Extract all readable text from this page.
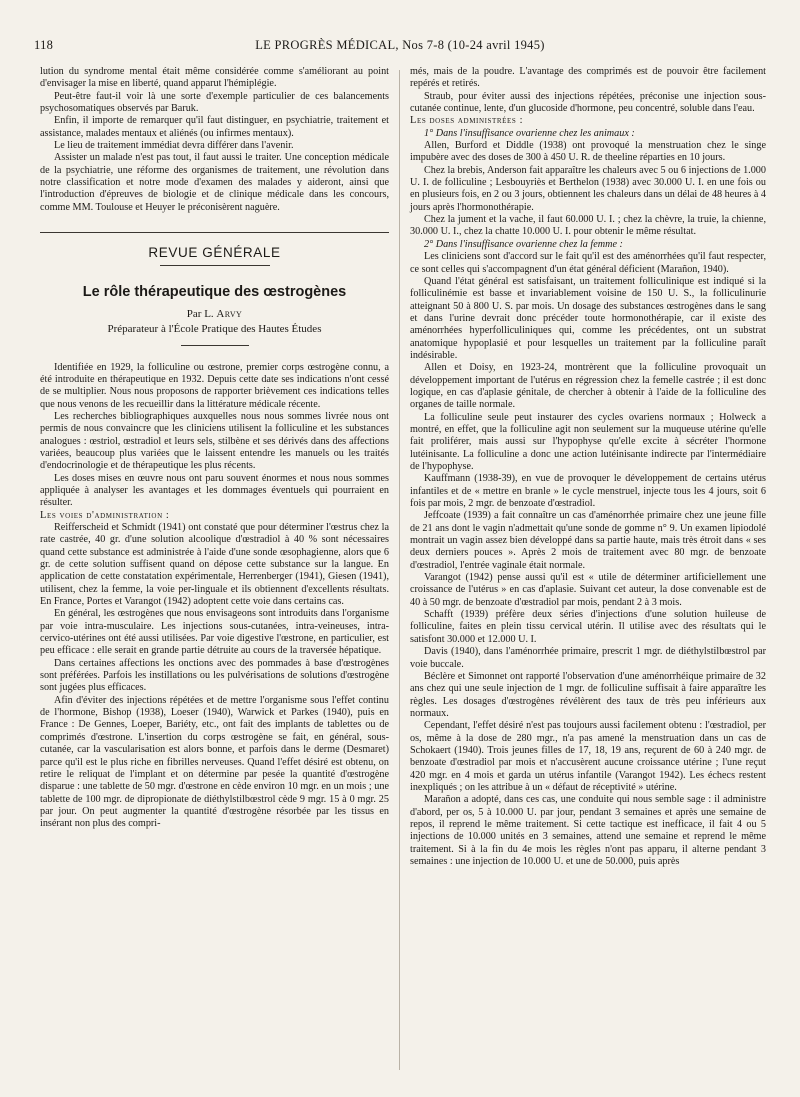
118	LE PROGRÈS MÉDICAL, Nos 7-8 (10-24 avril 1945)

lution du syndrome mental était même considérée comme s'améliorant au point d'envisager la mise en liberté, quand apparut l'hémiplégie.

Peut-être faut-il voir là une sorte d'exemple particulier de ces balancements psychosomatiques observés par Baruk.

Enfin, il importe de remarquer qu'il faut distinguer, en psychiatrie, traitement et assistance, malades mentaux et aliénés (ou infirmes mentaux).

Le lieu de traitement immédiat devra différer dans l'avenir.

Assister un malade n'est pas tout, il faut aussi le traiter. Une conception médicale de la psychiatrie, une réforme des organismes de traitement, une révolution dans notre classification et notre mode d'examen des malades y aideront, ainsi que l'introduction d'épreuves de biologie et de clinique médicale dans les concours, comme MM. Toulouse et Heuyer le préconisèrent naguère.

REVUE GÉNÉRALE
Le rôle thérapeutique des œstrogènes
Par L. Arvy
Préparateur à l'École Pratique des Hautes Études

Identifiée en 1929, la folliculine ou œstrone, premier corps œstrogène connu, a été introduite en thérapeutique en 1932. Depuis cette date ses indications n'ont cessé de se multiplier. Nous nous proposons de rapporter brièvement ces indications telles que nous venons de les recueillir dans la littérature médicale récente.

Les recherches bibliographiques auxquelles nous nous sommes livrée nous ont permis de nous convaincre que les cliniciens utilisent la folliculine et les substances analogues : œstriol, œstradiol et leurs sels, stilbène et ses dérivés dans des affections variées, beaucoup plus variées que le laissent entendre les manuels ou les traités d'endocrinologie et de thérapeutique les plus récents.

Les doses mises en œuvre nous ont paru souvent énormes et nous nous sommes appliquée à analyser les avantages et les dommages éventuels qui pourraient en résulter.

Les voies d'administration :

Reifferscheid et Schmidt (1941) ont constaté que pour déterminer l'œstrus chez la rate castrée, 40 gr. d'une solution alcoolique d'œstradiol à 40 % sont nécessaires quand cette substance est administrée à l'aide d'une sonde œsophagienne, alors que 6 gr. de cette solution suffisent quand on dépose cette substance sur la langue. En application de cette constatation expérimentale, Herrenberger (1941), Giesen (1941), utilisent, chez la femme, la voie per-linguale et ils obtiennent d'excellents résultats. En France, Portes et Varangot (1942) adoptent cette voie dans certains cas.

En général, les œstrogènes que nous envisageons sont introduits dans l'organisme par voie intra-musculaire. Les injections sous-cutanées, intra-veineuses, intra-cervico-utérines ont été aussi utilisées. Par voie digestive l'œstrone, en particulier, est peu efficace : elle serait en grande partie détruite au cours de la traversée hépatique.

Dans certaines affections les onctions avec des pommades à base d'œstrogènes sont préférées. Parfois les instillations ou les pulvérisations de solutions d'œstrogène sont jugées plus efficaces.

Afin d'éviter des injections répétées et de mettre l'organisme sous l'effet continu de l'hormone, Bishop (1938), Loeser (1940), Warwick et Parkes (1940), puis en France : De Gennes, Loeper, Bariéty, etc., ont fait des implants de tablettes ou de comprimés d'œstrone. L'insertion du corps œstrogène se fait, en général, sous-cutanée, car la vascularisation est alors bonne, et parfois dans le derme (Desmaret) parce qu'il est le plus riche en fibrilles nerveuses. Quand l'effet désiré est obtenu, on retire le reliquat de l'implant et on détermine par pesée la quantité d'œstrogène disparue : une tablette de 50 mgr. d'œstrone en cède environ 10 mgr. en un mois ; une tablette de 100 mgr. de dipropionate de diéthylstilbœstrol cède 9 mgr. 15 à 0 mgr. 25 par jour. On peut augmenter la quantité d'œstrogène résorbée par les tissus en insérant non plus des compri-

més, mais de la poudre. L'avantage des comprimés est de pouvoir être facilement repérés et retirés.

Straub, pour éviter aussi des injections répétées, préconise une injection sous-cutanée continue, lente, d'un glucoside d'hormone, peu concentré, soluble dans l'eau.

Les doses administrées :

1° Dans l'insuffisance ovarienne chez les animaux :

Allen, Burford et Diddle (1938) ont provoqué la menstruation chez le singe impubère avec des doses de 300 à 450 U. R. de theeline réparties en 10 jours.

Chez la brebis, Anderson fait apparaître les chaleurs avec 5 ou 6 injections de 1.000 U. I. de folliculine ; Lesbouyriès et Berthelon (1938) avec 30.000 U. I. en une fois ou en plusieurs fois, en 2 ou 3 jours, obtiennent les chaleurs dans un délai de 48 heures à 4 jours après l'hormonothérapie.

Chez la jument et la vache, il faut 60.000 U. I. ; chez la chèvre, la truie, la chienne, 30.000 U. I., chez la chatte 10.000 U. I. pour obtenir le même résultat.

2° Dans l'insuffisance ovarienne chez la femme :

Les cliniciens sont d'accord sur le fait qu'il est des aménorrhées qu'il faut respecter, ce sont celles qui s'accompagnent d'un état général déficient (Marañon, 1940).

Quand l'état général est satisfaisant, un traitement folliculinique est indiqué si la folliculinémie est basse et invariablement voisine de 150 U. S., la folliculinurie atteignant 50 à 800 U. S. par mois. Un dosage des substances œstrogènes dans le sang et dans l'urine devrait donc précéder toute hormonothérapie, car il existe des aménorrhées hyperfolliculiniques qui, comme les précédentes, ont un substrat anatomique hypoplasié et pour lesquelles un traitement par la folliculine paraît indésirable.

Allen et Doisy, en 1923-24, montrèrent que la folliculine provoquait un développement important de l'utérus en régression chez la femelle castrée ; il est donc logique, en cas d'aplasie génitale, de chercher à obtenir à l'aide de la folliculine des organes de taille normale.

La folliculine seule peut instaurer des cycles ovariens normaux ; Holweck a montré, en effet, que la folliculine agit non seulement sur la muqueuse utérine qu'elle fait proliférer, mais aussi sur l'hypophyse qu'elle excite à sécréter l'hormone lutéinisante. La folliculine a donc une action lutéinisante indirecte par l'intermédiaire de l'hypophyse.

Kauffmann (1938-39), en vue de provoquer le développement de certains utérus infantiles et de « mettre en branle » le cycle menstruel, injecte tous les 4 jours, soit 6 fois par mois, 2 mgr. de benzoate d'œstradiol.

Jeffcoate (1939) a fait connaître un cas d'aménorrhée primaire chez une jeune fille de 21 ans dont le vagin n'admettait qu'une sonde de gomme n° 9. Un examen lipiodolé montrait un vagin assez bien développé dans sa partie haute, mais très étroit dans « ses deux derniers pouces ». Après 2 mois de traitement avec 80 mgr. de benzoate d'œstradiol, l'entrée vaginale était normale.

Varangot (1942) pense aussi qu'il est « utile de déterminer artificiellement une croissance de l'utérus » en cas d'aplasie. Suivant cet auteur, la dose convenable est de 40 à 50 mgr. de benzoate d'œstradiol par mois, pendant 2 à 3 mois.

Schafft (1939) préfère deux séries d'injections d'une solution huileuse de folliculine, faites en plein tissu cervical utérin. Il utilise avec des résultats qui le satisfont 30.000 et 12.000 U. I.

Davis (1940), dans l'aménorrhée primaire, prescrit 1 mgr. de diéthylstilbœstrol par voie buccale.

Béclère et Simonnet ont rapporté l'observation d'une aménorrhéique primaire de 32 ans chez qui une seule injection de 1 mgr. de folliculine suffisait à faire apparaître les règles. Les dosages d'œstrogènes révélèrent des taux de très peu inférieurs aux normaux.

Cependant, l'effet désiré n'est pas toujours aussi facilement obtenu : l'œstradiol, per os, même à la dose de 280 mgr., n'a pas amené la menstruation dans un cas de Schokaert (1940). Trois jeunes filles de 17, 18, 19 ans, reçurent de 60 à 240 mgr. de benzoate d'œstradiol par mois et n'accusèrent aucune croissance utérine ; l'une reçut 420 mgr. en 4 mois et garda un utérus infantile (Varangot 1942). Les échecs restent inexpliqués ; on les attribue à un « défaut de réceptivité » utérine.

Marañon a adopté, dans ces cas, une conduite qui nous semble sage : il administre d'abord, per os, 5 à 10.000 U. par jour, pendant 3 semaines et après une semaine de repos, il reprend le même traitement. Si cette tactique est inefficace, il fait 4 ou 5 injections de 10.000 unités en 3 semaines, attend une semaine et reprend le même traitement. Si à la fin du 4e mois les règles n'ont pas apparu, il alterne pendant 3 semaines : une injection de 10.000 U. et une de 50.000, puis après
